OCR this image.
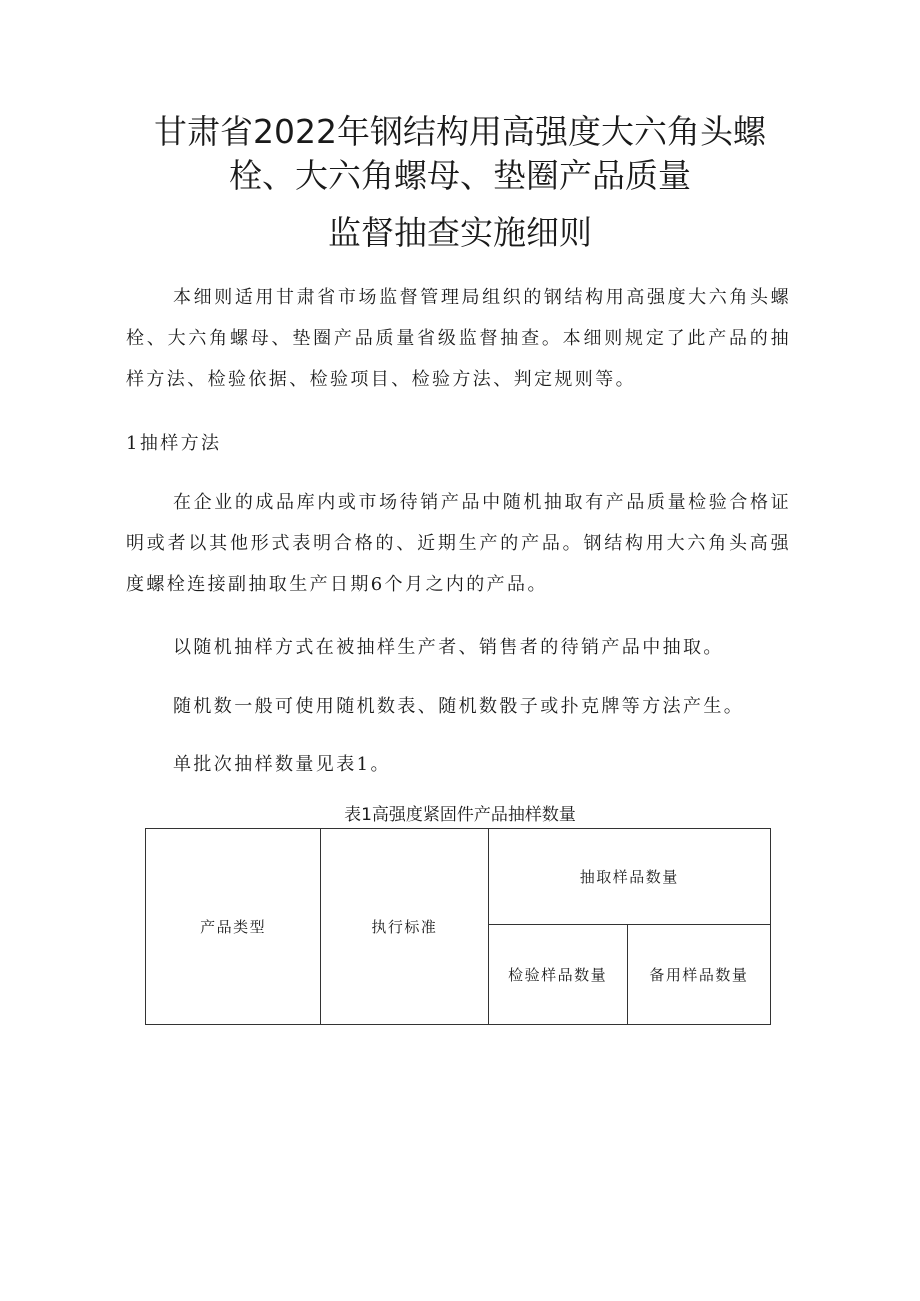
甘肃省2022年钢结构用高强度大六角头螺
栓、大六角螺母、垫圈产品质量
监督抽查实施细则

本细则适用甘肃省市场监督管理局组织的钢结构用高强度大六角头螺栓、大六角螺母、垫圈产品质量省级监督抽查。本细则规定了此产品的抽样方法、检验依据、检验项目、检验方法、判定规则等。

1抽样方法

在企业的成品库内或市场待销产品中随机抽取有产品质量检验合格证明或者以其他形式表明合格的、近期生产的产品。钢结构用大六角头高强度螺栓连接副抽取生产日期6个月之内的产品。

以随机抽样方式在被抽样生产者、销售者的待销产品中抽取。

随机数一般可使用随机数表、随机数骰子或扑克牌等方法产生。

单批次抽样数量见表1。

表1高强度紧固件产品抽样数量

产品类型	执行标准	抽取样品数量	
		检验样品数量	备用样品数量
